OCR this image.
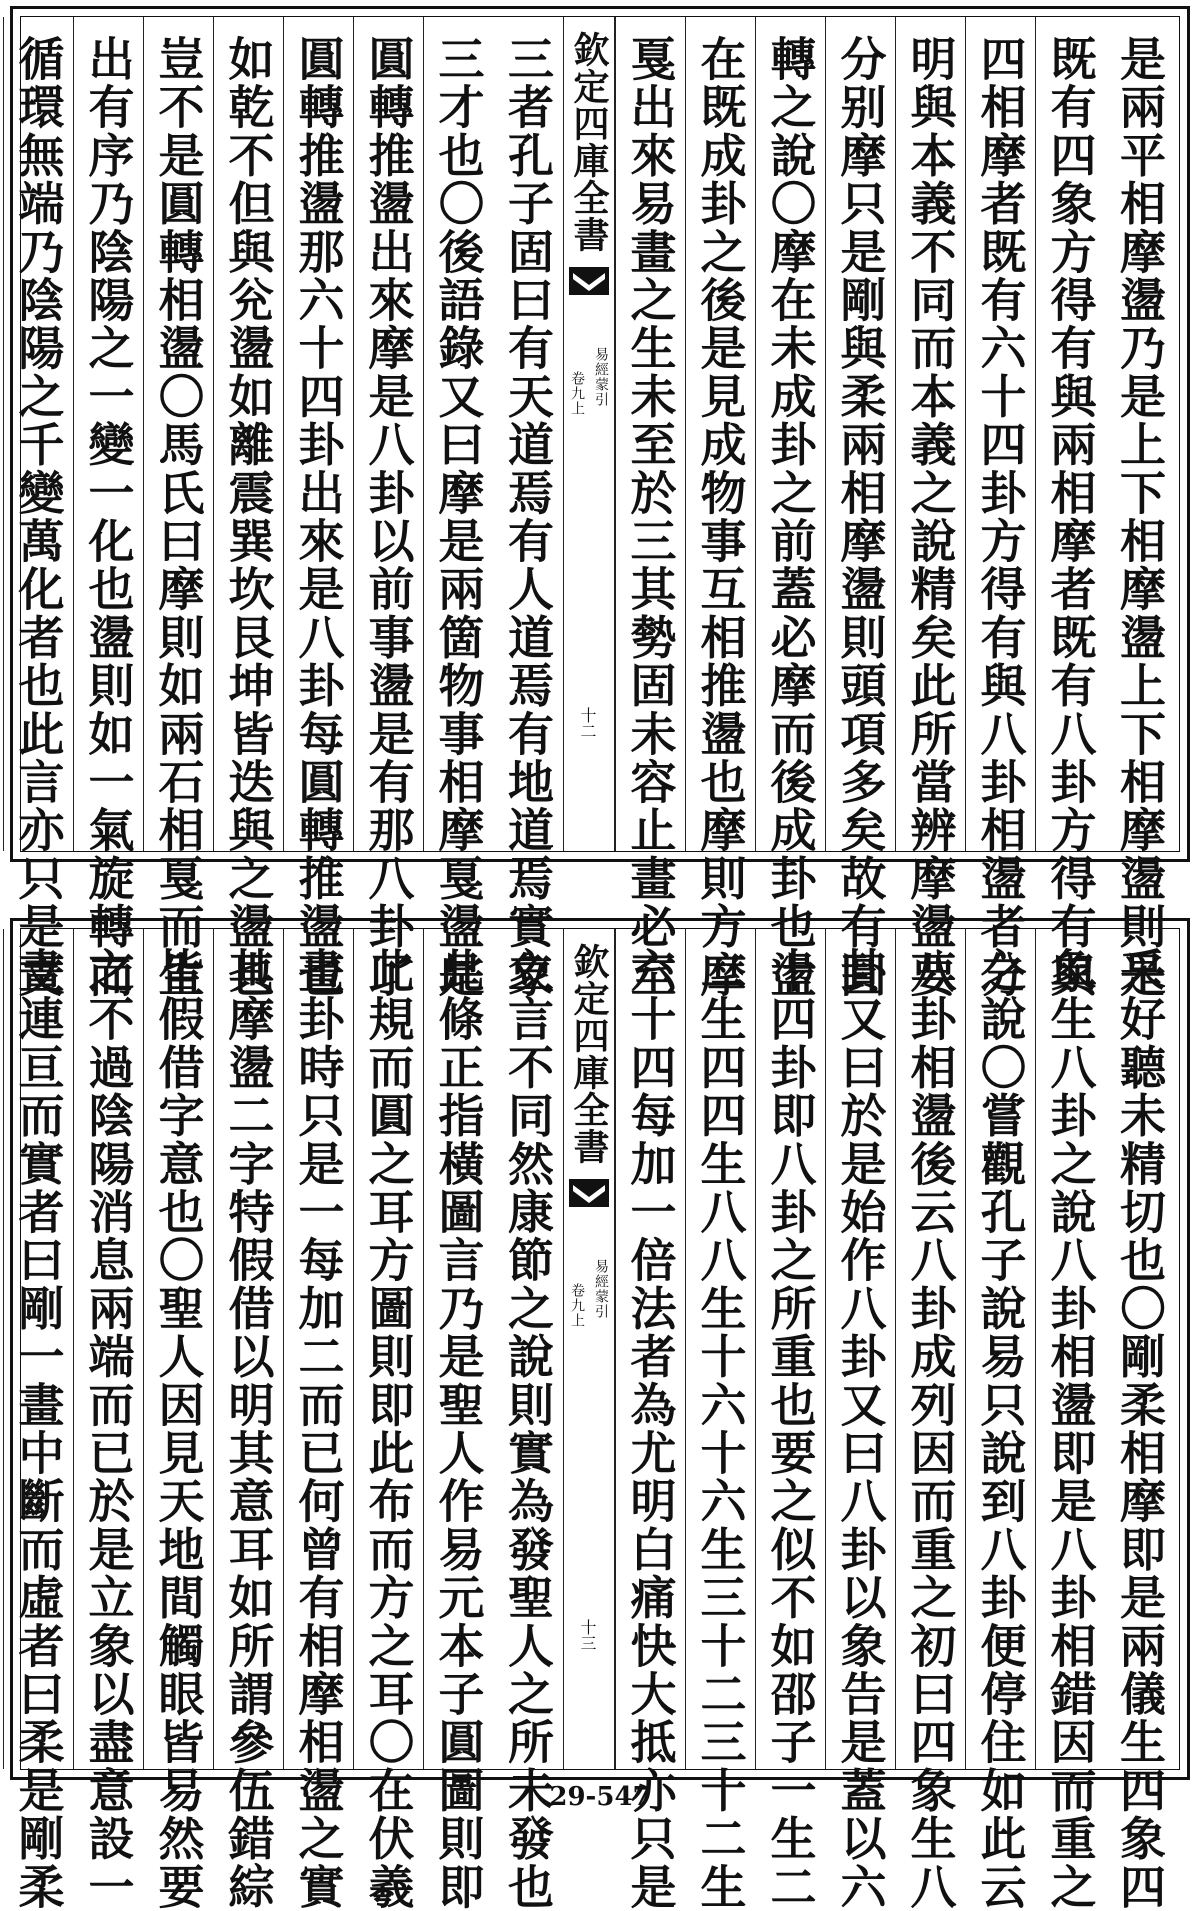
是兩平相摩盪乃是上下相摩盪上下相摩盪則是
既有四象方得有與兩相摩者既有八卦方得有與
四相摩者既有六十四卦方得有與八卦相盪者分
明與本義不同而本義之說精矣此所當辨摩盪要
分别摩只是剛與柔兩相摩盪則頭項多矣故有圓
轉之說〇摩在未成卦之前蓋必摩而後成卦也盪
在既成卦之後是見成物事互相推盪也摩則方摩
戛出來易畫之生未至於三其勢固未容止畫必至
欽定四庫全書
易經蒙引
卷九上
十二
三者孔子固曰有天道焉有人道焉有地道焉實象
三才也〇後語錄又曰摩是兩箇物事相摩戛盪是
圓轉推盪出來摩是八卦以前事盪是有那八卦了
圓轉推盪那六十四卦出來是八卦每圓轉推盪也
如乾不但與兊盪如離震巽坎艮坤皆迭與之盪也
豈不是圓轉相盪〇馬氏曰摩則如兩石相戛而生
出有序乃陰陽之一變一化也盪則如一氣旋轉而
循環無端乃陰陽之千變萬化者也此言亦只是文
采好聽未精切也〇剛柔相摩即是兩儀生四象四
象生八卦之說八卦相盪即是八卦相錯因而重之
之說〇嘗觀孔子說易只說到八卦便停住如此云
八卦相盪後云八卦成列因而重之初曰四象生八
卦又曰於是始作八卦又曰八卦以象告是蓋以六
十四卦即八卦之所重也要之似不如邵子一生二
二生四四生八八生十六十六生三十二三十二生
六十四每加一倍法者為尤明白痛快大抵亦只是
欽定四庫全書
易經蒙引
卷九上
十三
立言不同然康節之說則實為發聖人之所未發也
此條正指橫圖言乃是聖人作易元本子圓圖則即
此規而圓之耳方圖則即此布而方之耳〇在伏羲
畫卦時只是一每加二而已何曾有相摩相盪之實
其摩盪二字特假借以明其意耳如所謂參伍錯綜
皆假借字意也〇聖人因見天地間觸眼皆易然要
之不過陰陽消息兩端而已於是立象以盡意設一
畫連亘而實者曰剛一畫中斷而虛者曰柔是剛柔	29-547
